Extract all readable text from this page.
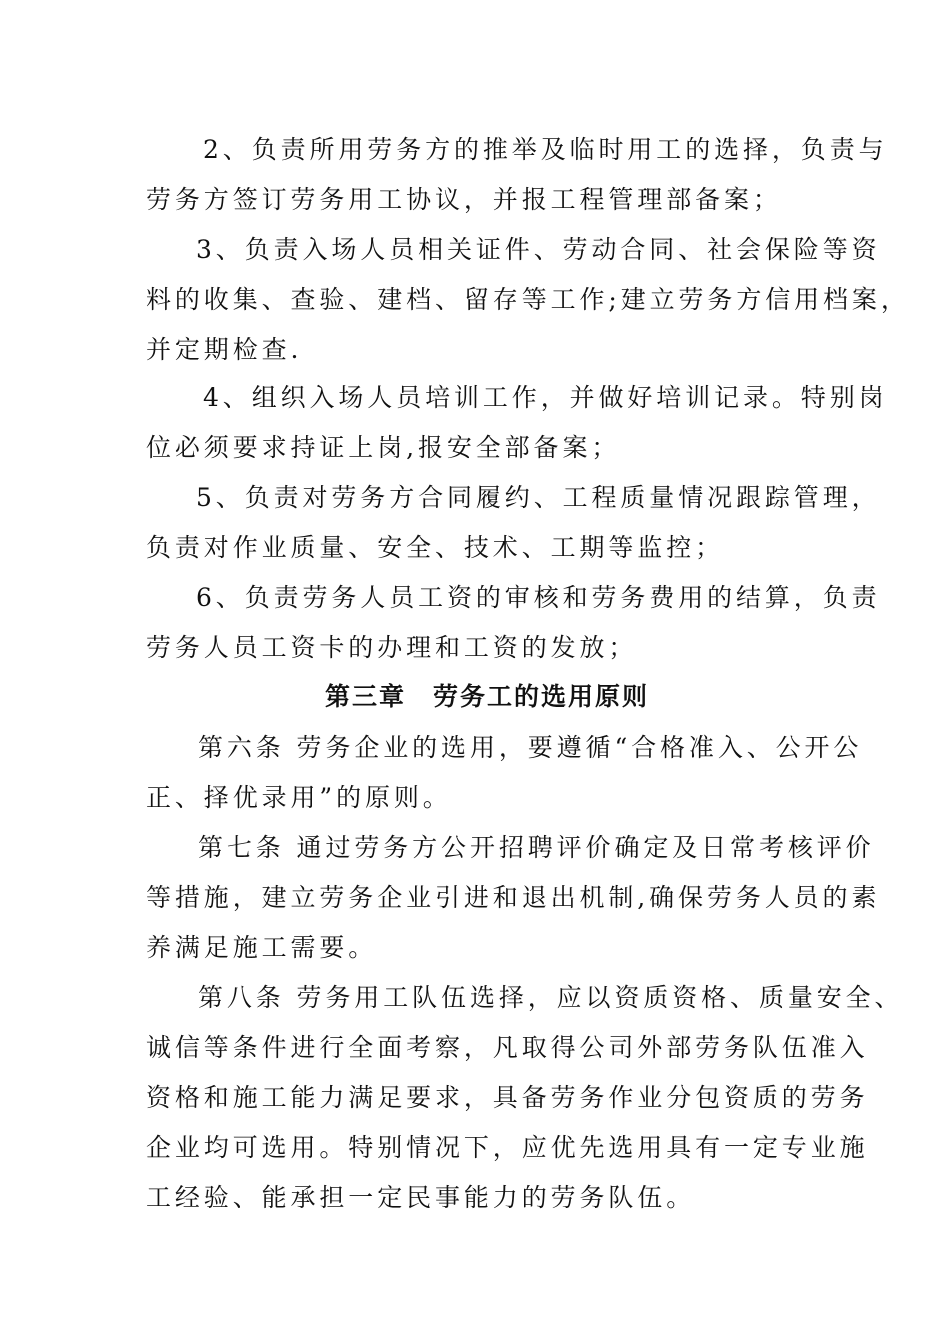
2、负责所用劳务方的推举及临时用工的选择，负责与
劳务方签订劳务用工协议，并报工程管理部备案；
3、负责入场人员相关证件、劳动合同、社会保险等资
料的收集、查验、建档、留存等工作;建立劳务方信用档案，
并定期检查.
4、组织入场人员培训工作，并做好培训记录。特别岗
位必须要求持证上岗,报安全部备案；
5、负责对劳务方合同履约、工程质量情况跟踪管理，
负责对作业质量、安全、技术、工期等监控；
6、负责劳务人员工资的审核和劳务费用的结算，负责
劳务人员工资卡的办理和工资的发放；
第三章　劳务工的选用原则
第六条 劳务企业的选用，要遵循“合格准入、公开公
正、择优录用”的原则。
第七条 通过劳务方公开招聘评价确定及日常考核评价
等措施，建立劳务企业引进和退出机制,确保劳务人员的素
养满足施工需要。
第八条 劳务用工队伍选择，应以资质资格、质量安全、
诚信等条件进行全面考察，凡取得公司外部劳务队伍准入
资格和施工能力满足要求，具备劳务作业分包资质的劳务
企业均可选用。特别情况下，应优先选用具有一定专业施
工经验、能承担一定民事能力的劳务队伍。
